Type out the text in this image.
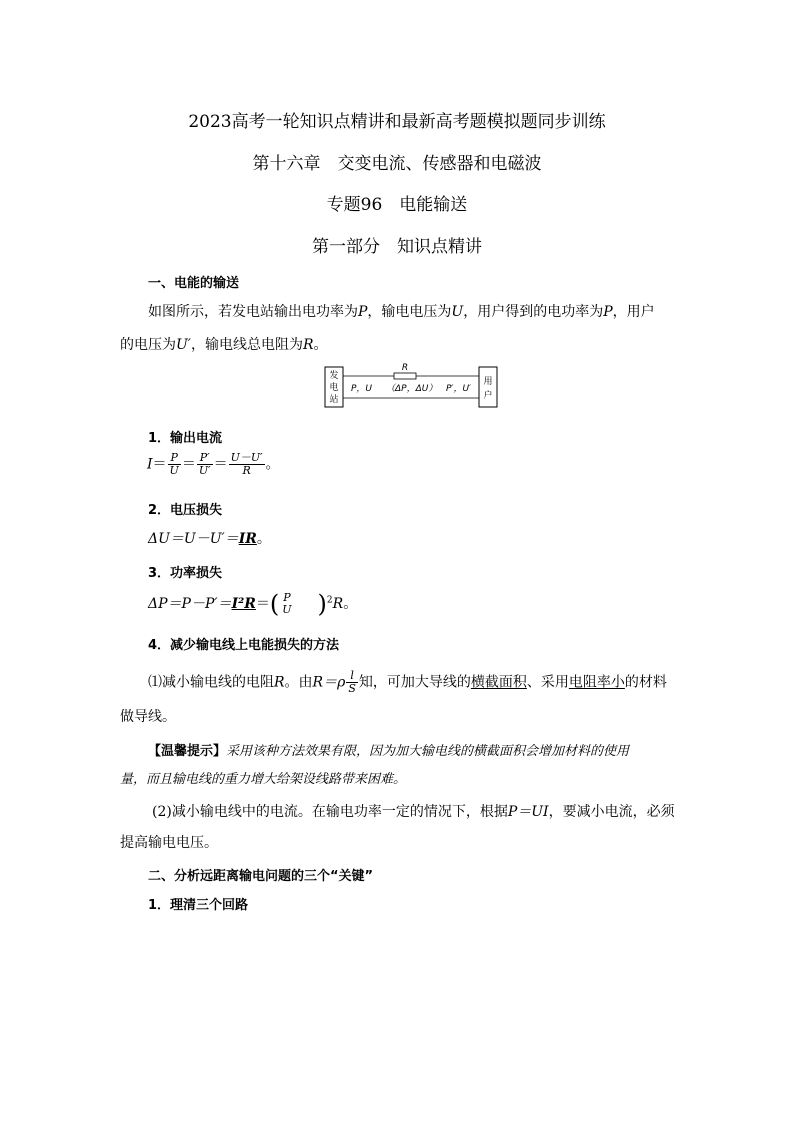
2023高考一轮知识点精讲和最新高考题模拟题同步训练
第十六章　交变电流、传感器和电磁波
专题96　电能输送
第一部分　知识点精讲
一、电能的输送
如图所示，若发电站输出电功率为P，输电电压为U，用户得到的电功率为P，用户
的电压为U′，输电线总电阻为R。
发
电
站
用
户
R
P，U （ΔP，ΔU） P′，U′
1．输出电流
$I= \frac{P}{U} = \frac{P'}{U'} = \frac{U-U'}{R}$ 。
2．电压损失
ΔU＝U－U′＝IR。
3．功率损失
ΔP＝P－P′＝I²R＝( P
U )$^2$R。
4．减少输电线上电能损失的方法
⑴减小输电线的电阻R。由$R=\rho \frac{l}{S}$ 知，可加大导线的横截面积、采用电阻率小的材料
做导线。
【温馨提示】采用该种方法效果有限，因为加大输电线的横截面积会增加材料的使用
量，而且输电线的重力增大给架设线路带来困难。
(2)减小输电线中的电流。在输电功率一定的情况下，根据P＝UI，要减小电流，必须
提高输电电压。
二、分析远距离输电问题的三个“关键”
1．理清三个回路
